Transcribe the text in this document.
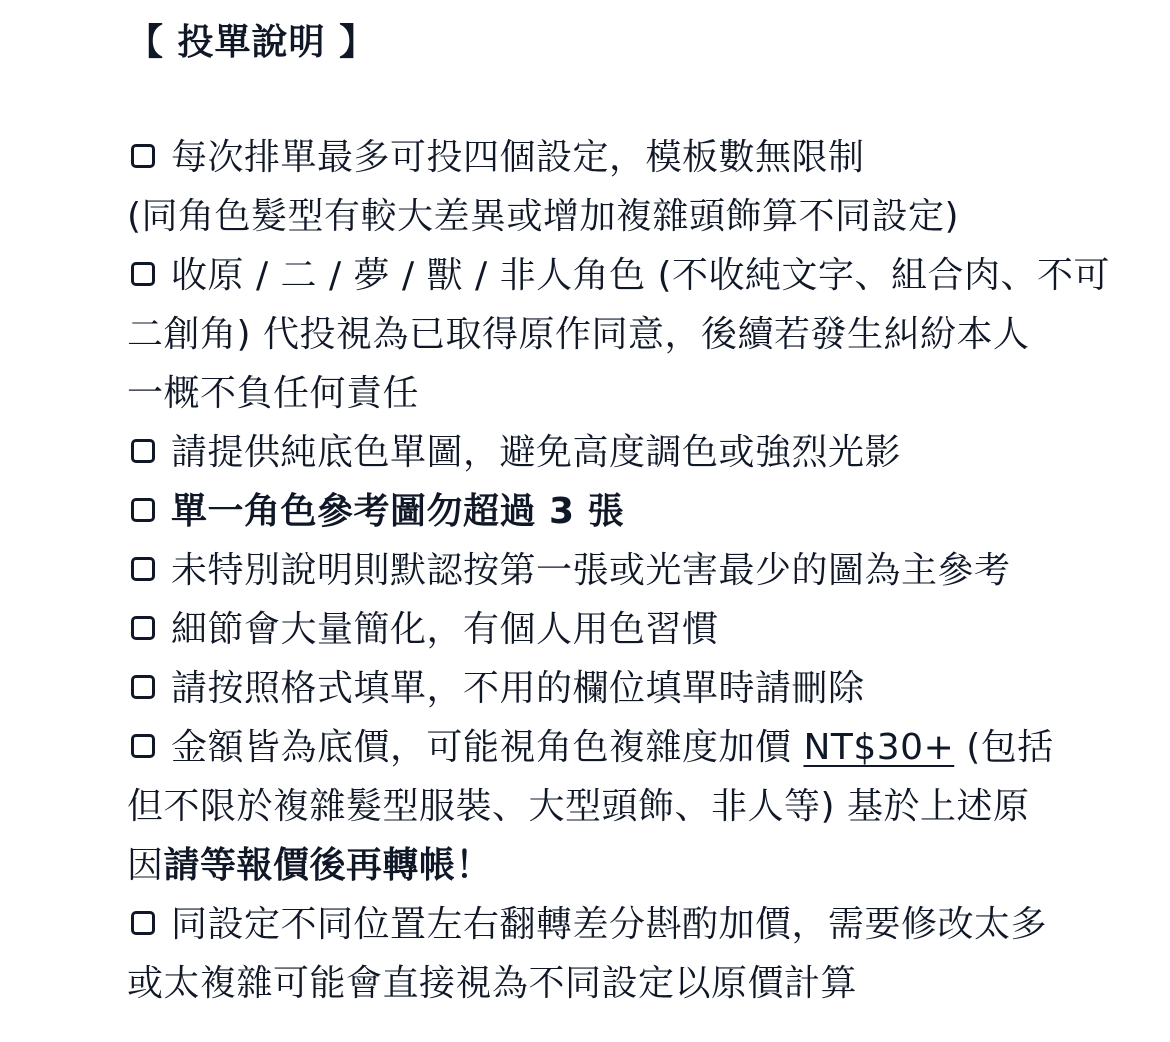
【 投單說明 】
每次排單最多可投四個設定，模板數無限制
(同角色髮型有較大差異或增加複雜頭飾算不同設定)
收原 / 二 / 夢 / 獸 / 非人角色 (不收純文字、組合肉、不可
二創角) 代投視為已取得原作同意，後續若發生糾紛本人
一概不負任何責任
請提供純底色單圖，避免高度調色或強烈光影
單一角色參考圖勿超過 3 張
未特別說明則默認按第一張或光害最少的圖為主參考
細節會大量簡化，有個人用色習慣
請按照格式填單，不用的欄位填單時請刪除
金額皆為底價，可能視角色複雜度加價 NT$30+ (包括
但不限於複雜髮型服裝、大型頭飾、非人等) 基於上述原
因請等報價後再轉帳！
同設定不同位置左右翻轉差分斟酌加價，需要修改太多
或太複雜可能會直接視為不同設定以原價計算
